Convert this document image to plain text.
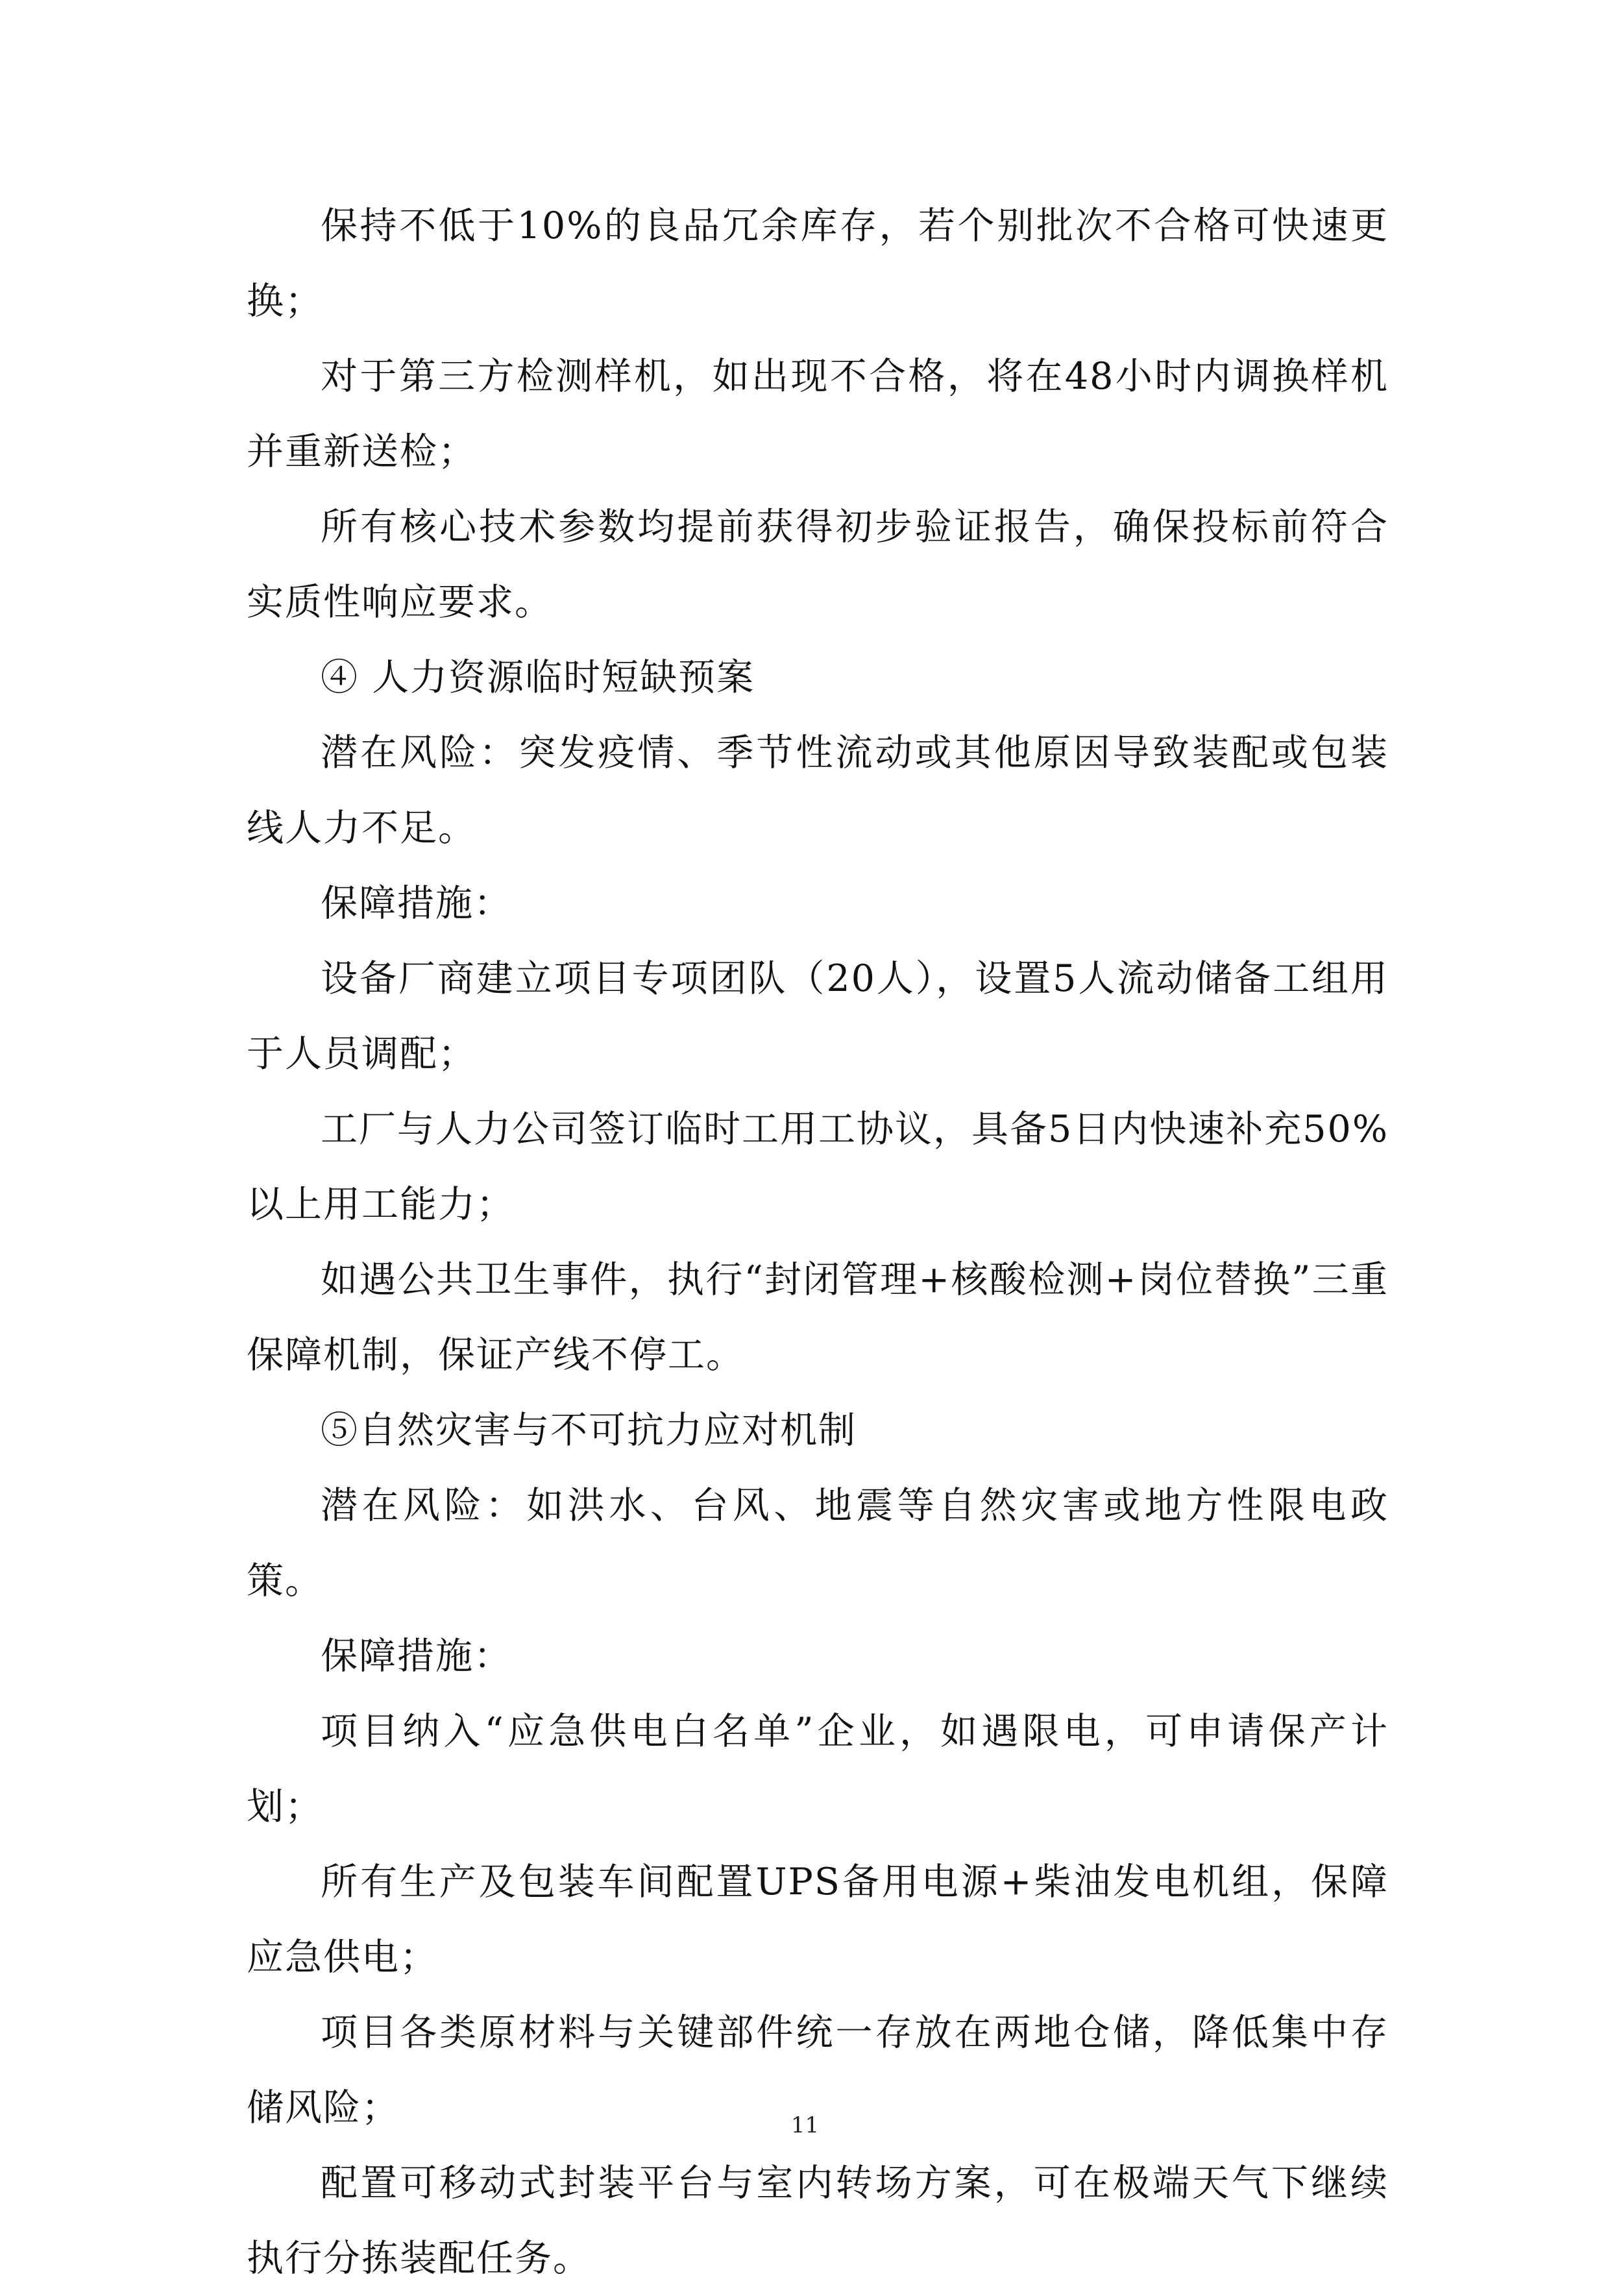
保持不低于10%的良品冗余库存，若个别批次不合格可快速更换；

对于第三方检测样机，如出现不合格，将在48小时内调换样机并重新送检；

所有核心技术参数均提前获得初步验证报告，确保投标前符合实质性响应要求。

④ 人力资源临时短缺预案

潜在风险：突发疫情、季节性流动或其他原因导致装配或包装线人力不足。

保障措施：

设备厂商建立项目专项团队（20人），设置5人流动储备工组用于人员调配；

工厂与人力公司签订临时工用工协议，具备5日内快速补充50%以上用工能力；

如遇公共卫生事件，执行“封闭管理+核酸检测+岗位替换”三重保障机制，保证产线不停工。

⑤自然灾害与不可抗力应对机制

潜在风险：如洪水、台风、地震等自然灾害或地方性限电政策。

保障措施：

项目纳入“应急供电白名单”企业，如遇限电，可申请保产计划；

所有生产及包装车间配置UPS备用电源+柴油发电机组，保障应急供电；

项目各类原材料与关键部件统一存放在两地仓储，降低集中存储风险；

配置可移动式封装平台与室内转场方案，可在极端天气下继续执行分拣装配任务。

11
